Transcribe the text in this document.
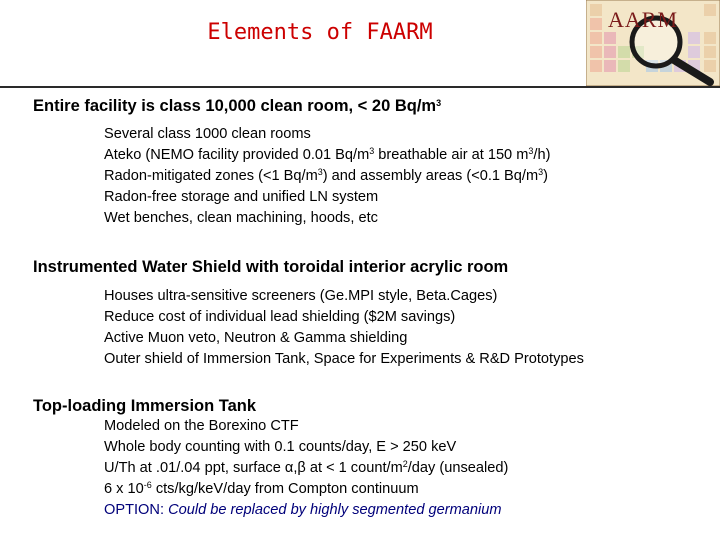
Elements of FAARM
AARM
Entire facility is class 10,000 clean room, < 20 $Bq/m^3$
Several class 1000 clean rooms
Ateko (NEMO facility provided 0.01 $Bq/m^3$ breathable air at 150 $m^3/h$)
Radon-mitigated zones (<1 $Bq/m^3$) and assembly areas (<0.1 $Bq/m^3$)
Radon-free storage and unified LN system
Wet benches, clean machining, hoods, etc
Instrumented Water Shield with toroidal interior acrylic room
Houses ultra-sensitive screeners (Ge.MPI style, Beta.Cages)
Reduce cost of individual lead shielding ($2M savings)
Active Muon veto, Neutron & Gamma shielding
Outer shield of Immersion Tank, Space for Experiments & R&D Prototypes
Top-loading Immersion Tank
Modeled on the Borexino CTF
Whole body counting with 0.1 counts/day, E > 250 keV
U/Th at .01/.04 ppt, surface α,β at < 1 count/$m^2$/day (unsealed)
6 x $10^{-6}$ cts/kg/keV/day from Compton continuum
OPTION: Could be replaced by highly segmented germanium
